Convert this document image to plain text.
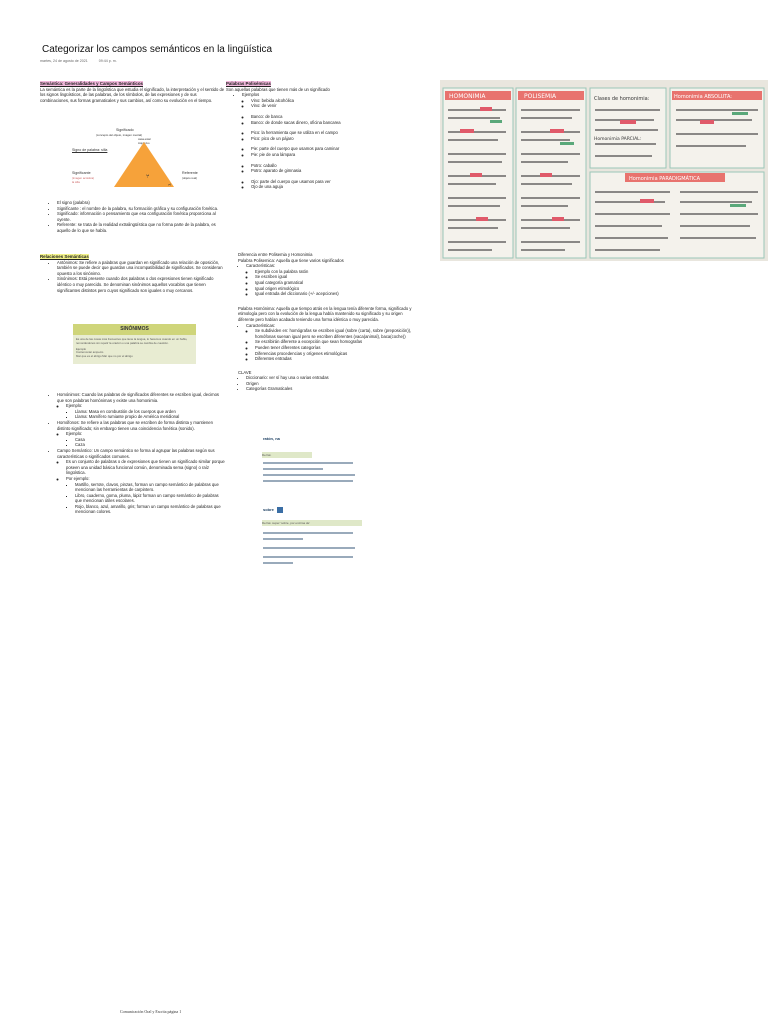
Categorizar los campos semánticos en la lingüística
martes, 24 de agosto de 2021	09:44 p. m.
Semántica: Generalidades y Campos Semánticos

La semántica es la parte de la lingüística que estudia el significado, la interpretación y el sentido de los signos lingüísticos, de las palabras, de los símbolos, de las expresiones y de sus combinaciones, sus formas gramaticales y sus cambios, así como su evolución en el tiempo.

Significado
(concepto del objeto, imagen mental)
casa estar
Aquí vivo
Signo de palabra: silla
Significante
(imagen acústica)
la silla
⑂
Referente
(objeto real)
⑁
• El signo (palabra)
• Significante : el nombre de la palabra, su formación gráfica y su configuración fonética.
• Significado: información o pensamiento que esa configuración fonética proporciona al oyente.
• Referente: se trata de la realidad extralingüística que no forma parte de la palabra, es aquello de lo que se habla.
Relaciones Semánticas
• Antónimos: Se refiere a palabras que guardan en significado una relación de oposición, también se puede decir que guardan una incompatibilidad de significados. Se consideran opuesto a los sinónimo.
• Sinónimos: Está presente cuando dos palabras o dos expresiones tienen significado idéntico o muy parecido. Se denominan sinónimos aquellos vocablos que tienen significantes distintos pero cuyos significado son iguales o muy cercanos.
SINÓNIMOS
Es una de las cosas más frecuentes que tiene la lengua, lo hacemos cuando en un hablo, remontándonos sin repetir la oración o una palabra se cambia de cuestión.
Ejemplo
Contemoniar ampecio
Mar que es el abrigo Mar que no por el abrigo
• Homónimos: Cuando las palabras de significados diferentes se escriben igual, decimos que son palabras homónimas y existe una homonimia.
◦ Ejemplo:
▪ Llama: Masa en combustión de los cuerpos que arden
▪ Llama: Mamífero rumiante propio de América meridional
• Homófonos: Se refiere a las palabras que se escriben de forma distinta y mantienen distinto significado; sin embargo tienen una coincidencia fonética (sonido).
◦ Ejemplo:
▪ Casa
▪ Caza
• Campo Semántico: Un campo semántico se forma al agrupar las palabras según sus características o significados comunes.
◦ Es un conjunto de palabras o de expresiones que tienen un significado similar porque poseen una unidad básica funcional común, denominada sema (signo) o raíz lingüística.
◦ Por ejemplo:
▪ Martillo, serrote, clavos, pinzas, forman un campo semántico de palabras que mencionan las herramientas de carpintero.
▪ Libro, cuaderno, goma, pluma, lápiz forman un campo semántico de palabras que mencionan útiles escolares.
▪ Rojo, blanco, azul, amarillo, gris; forman un campo semántico de palabras que mencionan colores.
Palabras Polisémicas

Son aquellas palabras que tienen más de un significado

• Ejemplos
◦ Vino: bebida alcohólica
◦ Vino: de venir
◦ Banco: de banca
◦ Banco: de donde sacas dinero, oficina bancarea
◦ Pico: la herramienta que se utiliza en el campo
◦ Pico: pico de un pájaro
◦ Pie: parte del cuerpo que usamos para caminar
◦ Pie: pie de una lámpara
◦ Potro: caballo
◦ Potro: aparato de gimnasia
◦ Ojo: parte del cuerpo que usamos para ver
◦ Ojo de una aguja

Diferencia entre Polisemia y Homonimia

Palabra Polisemica: Aquella que tiene varios significados

• Características:
◦ Ejemplo con la palabra ratón
◦ Se escriben igual
◦ Igual categoría gramatical
◦ Igual origen etimológico
◦ Igual entrada del diccionario (+/- acepciones)

Palabra Homónima: Aquella que tiempo atrás en la lengua tenía diferente forma, significado y etimología pero con la evolución de la lengua había mantenido su significado y su origen diferente pero habían acabado teniendo una forma idéntica o muy parecida.

• Características:
◦ Se subdividen en: homógrafas se escriben igual (sobre (carta), sobre (preposición)), homófonas suenan igual pero se escriben diferentes (vaca(animal), baca(coche))
◦ Se escribirán diferente a excepción que sean homografas
◦ Pueden tener diferentes categorías
◦ Diferencias procedencias y orígenes etimológicas
◦ Diferentes entradas

CLAVE

• Diccionario: ver sí hay una o varias entradas
• Origen
• Categorías Gramaticales
ratón, na
Del lat.
sobre
Del lat. super 'sobre, por encima de'
HOMONIMIA	POLISEMIA	Clases de homonimia:	Homonimia ABSOLUTA:
Homonimia PARCIAL:
Homonimia PARADIGMÁTICA
Comunicación Oral y Escrita página 1
